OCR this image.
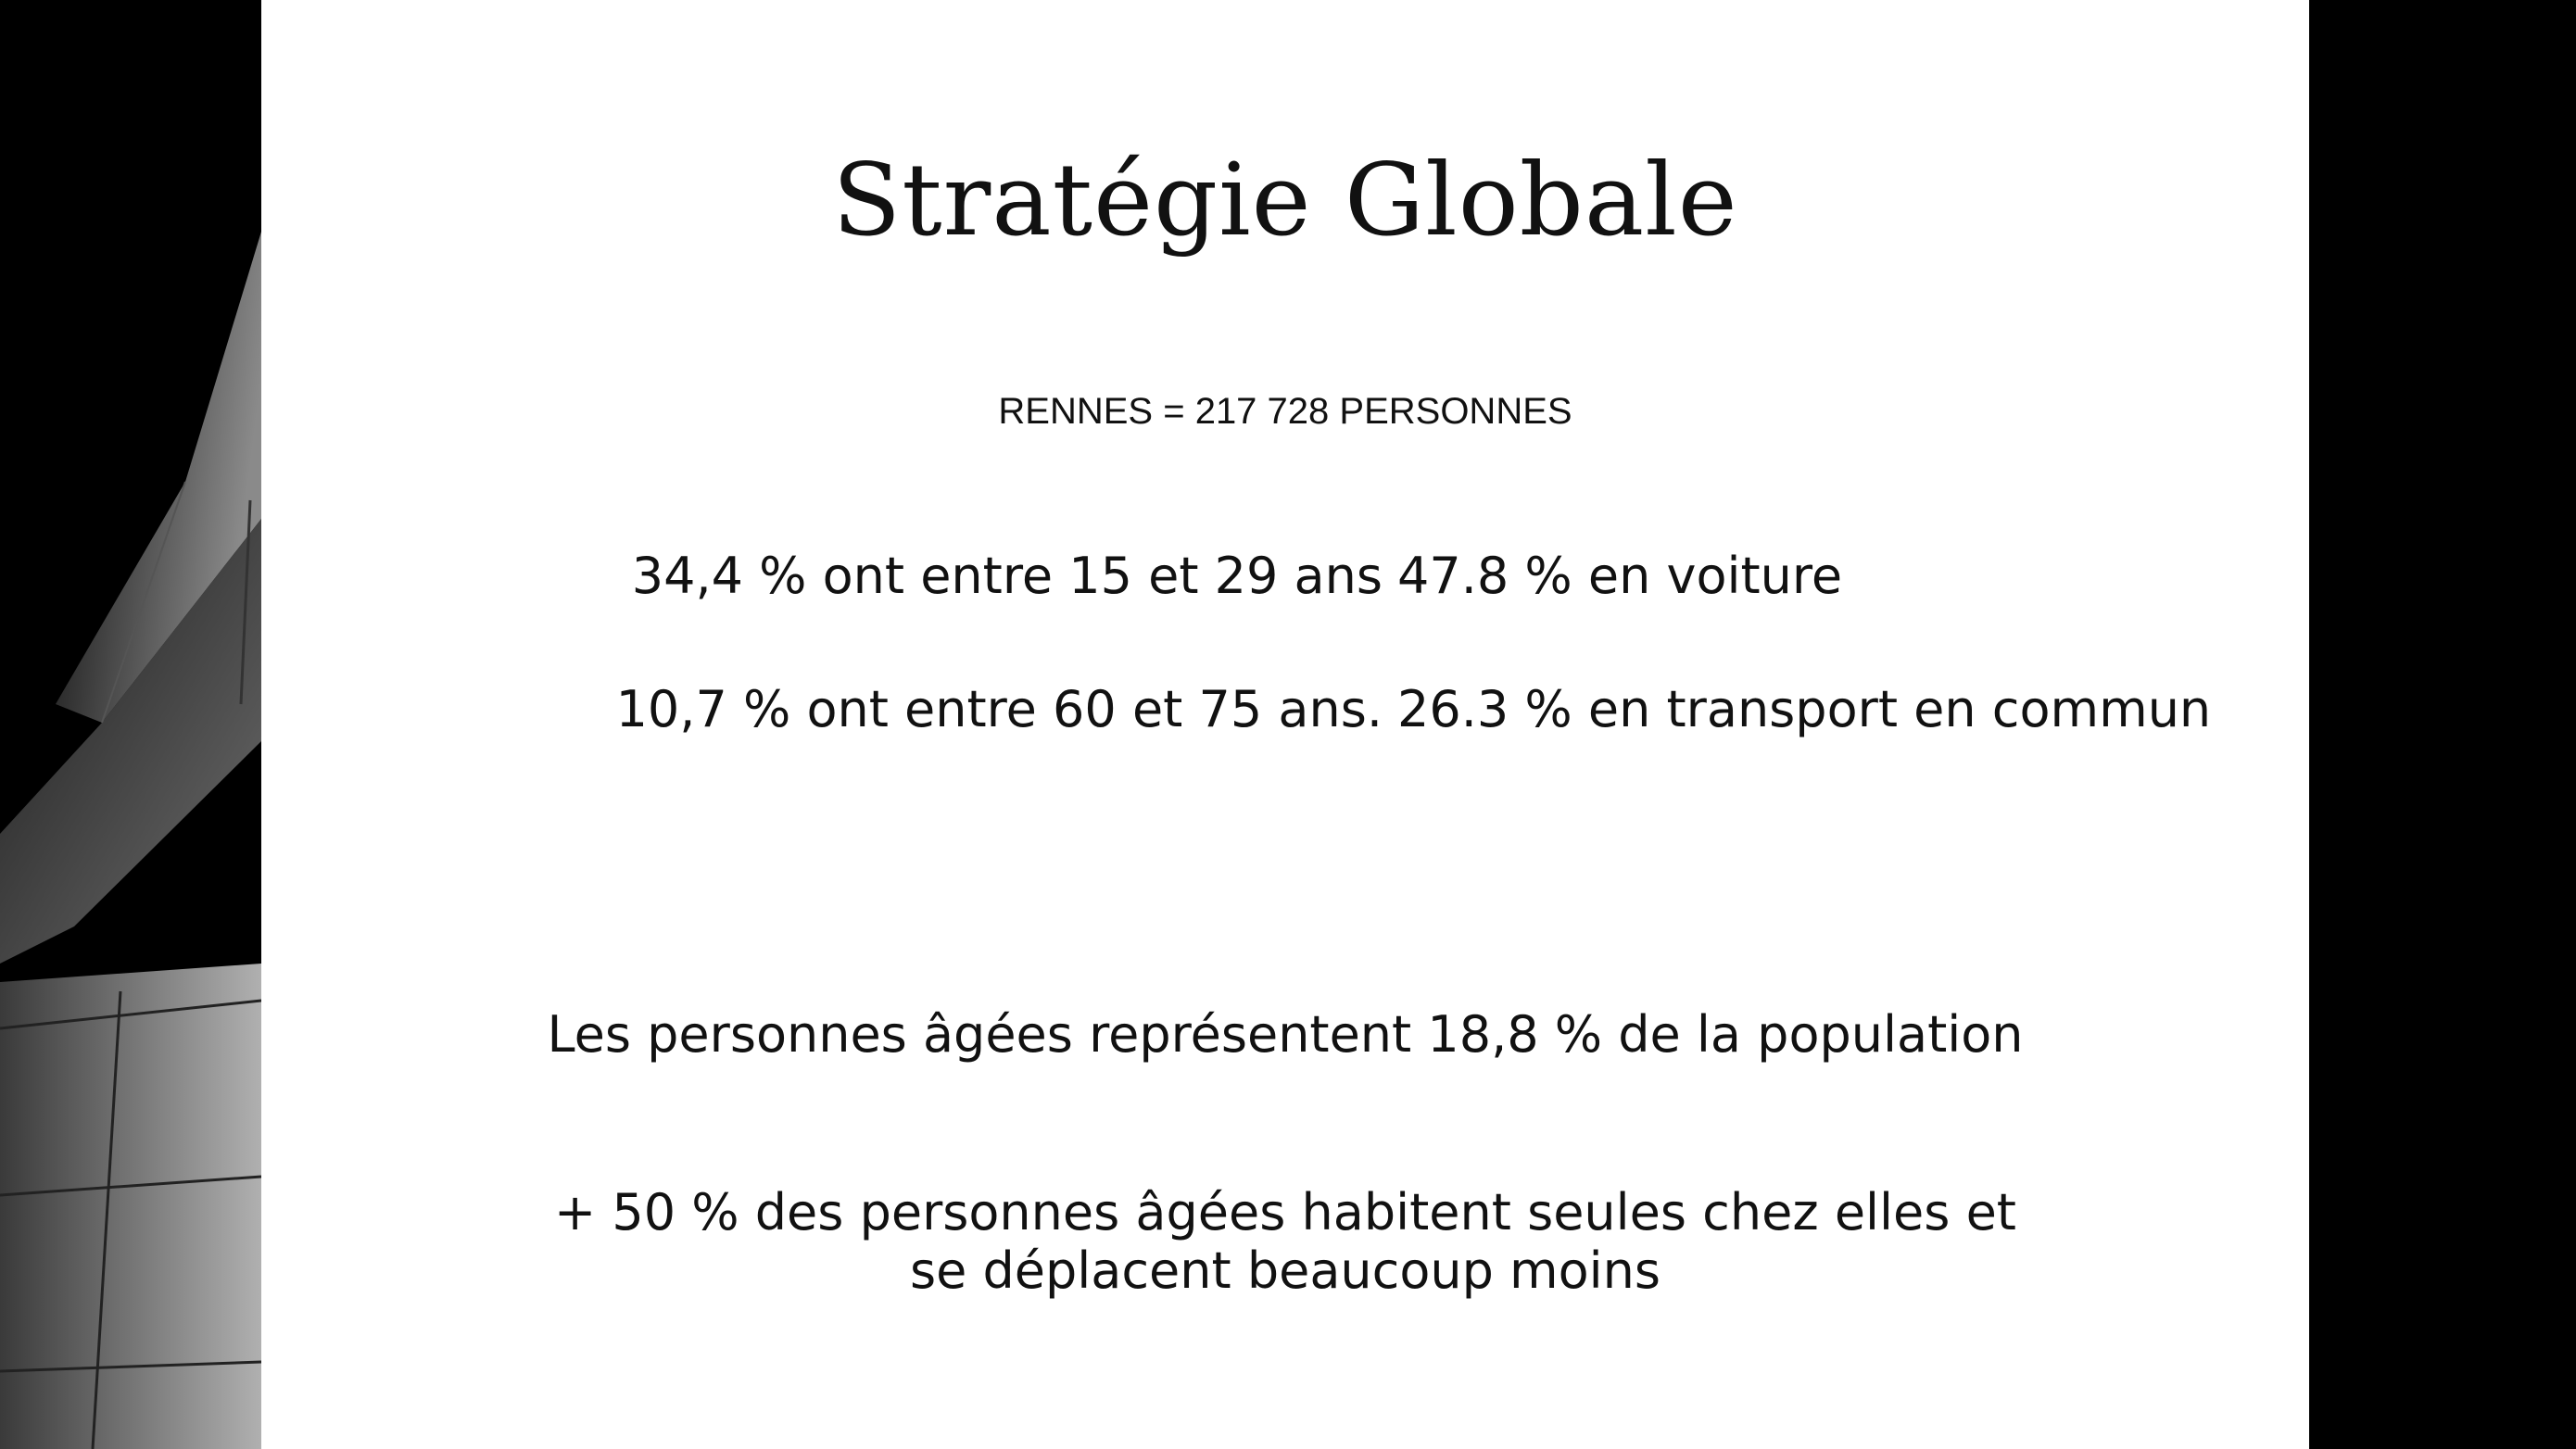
Stratégie Globale
RENNES = 217 728 PERSONNES
34,4 % ont entre 15 et 29 ans
10,7 % ont entre 60 et 75 ans.
47.8 % en voiture
26.3 % en transport en commun
Les personnes âgées représentent 18,8 % de la population
+ 50 % des personnes âgées habitent seules chez elles et
se déplacent beaucoup moins
